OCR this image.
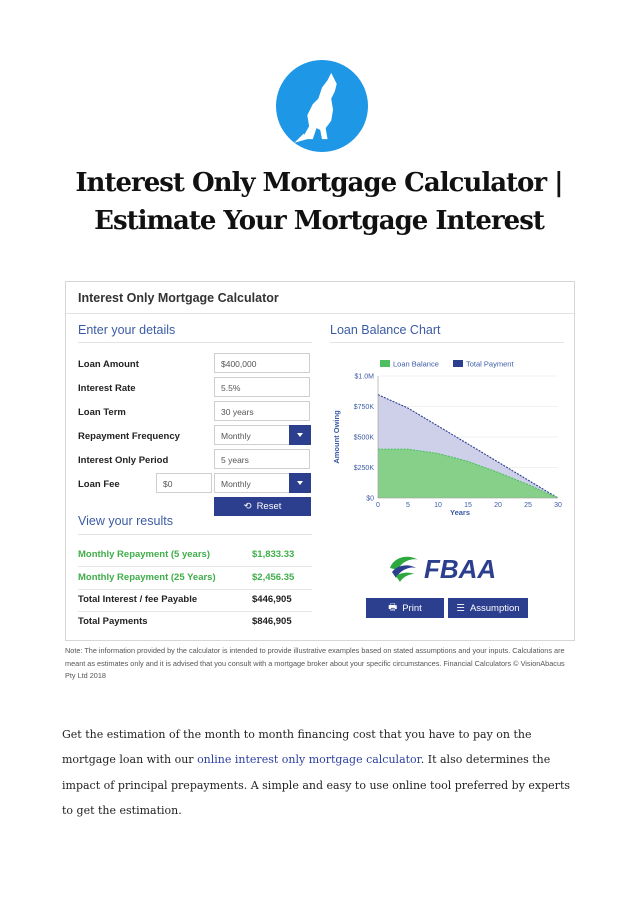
Interest Only Mortgage Calculator |
Estimate Your Mortgage Interest
Interest Only Mortgage Calculator
Enter your details
Loan Amount	$400,000
Interest Rate	5.5%
Loan Term	30 years
Repayment Frequency	Monthly
Interest Only Period	5 years
Loan Fee	$0	Monthly
⟲ Reset
View your results
Monthly Repayment (5 years)	$1,833.33
Monthly Repayment (25 Years)	$2,456.35
Total Interest / fee Payable	$446,905
Total Payments	$846,905
Loan Balance Chart
Loan Balance	Total Payment
$0
$250K
$500K
$750K
$1.0M
0	5	10	15	20	25	30
Years
Amount Owing
FBAA
🖶 Print	☰ Assumption
Note: The information provided by the calculator is intended to provide illustrative examples based on stated assumptions and your inputs. Calculations are meant as estimates only and it is advised that you consult with a mortgage broker about your specific circumstances. Financial Calculators © VisionAbacus Pty Ltd 2018
Get the estimation of the month to month financing cost that you have to pay on the mortgage loan with our online interest only mortgage calculator. It also determines the impact of principal prepayments. A simple and easy to use online tool preferred by experts to get the estimation.
